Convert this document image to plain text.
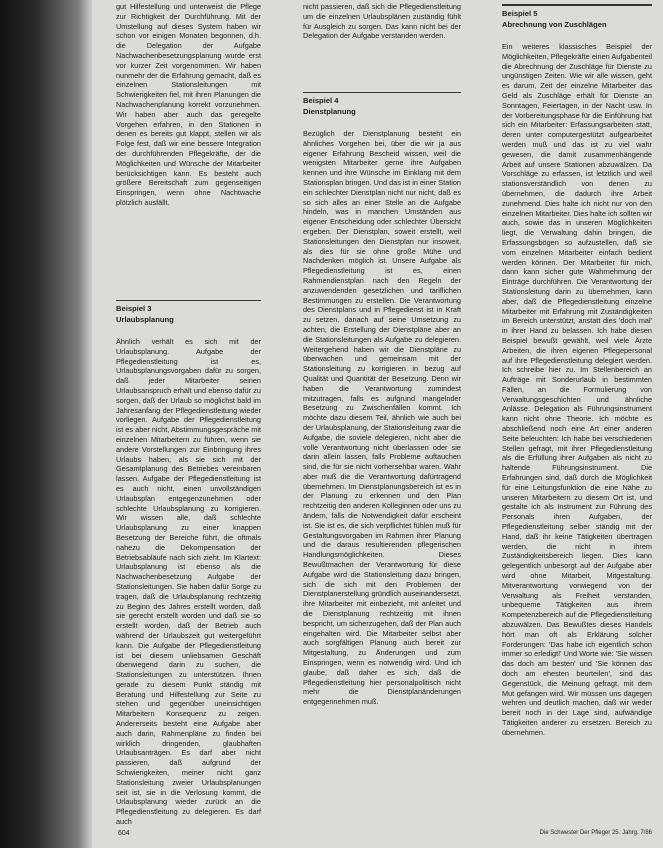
gut Hilfestellung und unterweist die Pflege zur Richtigkeit der Durchführung. Mit der Umstellung auf dieses System haben wir schon vor einigen Monaten begonnen, d.h. die Delegation der Aufgabe Nachwachenbesetzungsplanung wurde erst vor kurzer Zeit vorgenommen. Wir haben nunmehr der die Erfahrung gemacht, daß es einzelnen Stationsleitungen mit Schwierigkeiten fiel, mit ihren Planungen die Nachwachenplanung korrekt vorzunehmen. Wir haben aber auch das geregelte Vorgehen erfahren, in den Stationen in denen es bereits gut klappt, stellen wir als Folge fest, daß wir eine bessere Integration der durchführenden Pflegekräfte, der die Möglichkeiten und Wünsche der Mitarbeiter berücksichtigen kann. Es besteht auch größere Bereitschaft zum gegenseitigen Einspringen, wenn ohne Nachtwache plötzlich ausfällt.

Beispiel 3

Urlaubsplanung

Ähnlich verhält es sich mit der Urlaubsplanung. Aufgabe der Pflegedienstleitung ist es, Urlaubsplanungsvorgaben dafür zu sorgen, daß jeder Mitarbeiter seinen Urlaubsanspruch erhält und ebenso dafür zu sorgen, daß der Urlaub so möglichst bald im Jahresanfang der Pflegedienstleitung wieder vorliegen. Aufgabe der Pflegedienstleitung ist es aber nicht, Abstimmungsgespräche mit einzelnen Mitarbeitern zu führen, wenn sie andere Vorstellungen zur Einbringung ihres Urlaubs haben, als sie sich mit der Gesamtplanung des Betriebes vereinbaren lassen. Aufgabe der Pflegedienstleitung ist es auch nicht, einen unvollständigen Urlaubsplan entgegenzunehmen oder schlechte Urlaubsplanung zu korrigieren. Wir wissen alle, daß schlechte Urlaubsplanung zu einer knappen Besetzung der Bereiche führt, die oftmals nahezu die Dekompensation der Betriebsabläufe nach sich zieht. Im Klartext: Urlaubsplanung ist ebenso als die Nachwachenbesetzung Aufgabe der Stationsleitungen. Sie haben dafür Sorge zu tragen, daß die Urlaubsplanung rechtzeitig zu Beginn des Jahres erstellt worden, daß sie gerecht erstellt worden und daß sie so erstellt worden, daß der Betrieb auch während der Urlaubszeit gut weitergeführt kann. Die Aufgabe der Pflegedienstleitung ist bei diesem unliebsamen Geschäft überwiegend darin zu suchen, die Stationsleitungen zu unterstützen. Ihnen gerade zu diesem Punkt ständig mit Beratung und Hilfestellung zur Seite zu stehen und gegenüber uneinsichtigen Mitarbeitern Konsequenz zu zeigen. Andererseits besteht eine Aufgabe aber auch darin, Rahmenpläne zu finden bei wirklich dringenden, glaubhaften Urlaubsanträgen. Es darf aber nicht passieren, daß aufgrund der Schwierigkeiten, meiner nicht ganz Stationsleitung zweier Urlaubsplanungen seit ist, sie in die Verlosung kommt, die Urlaubsplanung wieder zurück an die Pflegedienstleitung zu delegieren. Es darf auch

nicht passieren, daß sich die Pflegedienstleitung um die einzelnen Urlaubsplänen zuständig fühlt für Ausgleich zu sorgen. Das kann nicht bei der Delegation der Aufgabe verstanden werden.

Beispiel 4

Dienstplanung

Bezüglich der Dienstplanung besteht ein ähnliches Vorgehen bei, über die wir ja aus eigener Erfahrung Bescheid wissen, weil die wenigsten Mitarbeiter gerne ihre Aufgaben kennen und ihre Wünsche im Einklang mit dem Stationsplan bringen. Und das ist in einer Station ein schlechter Dienstplan nicht nur nicht, daß es so sich alles an einer Stelle an die Aufgabe hindeln, was in manchen Umständen aus eigener Entscheidung oder schlechter Übersicht ergeben. Der Dienstplan, soweit erstellt, weil Stationsleitungen den Dienstplan nur insoweit, als dies für sie ohne große Mühe und Nachdenken möglich ist. Unsere Aufgabe als Pflegedienstleitung ist es, einen Rahmendienstplan nach den Regeln der anzuwendenden gesetzlichen und tariflichen Bestimmungen zu erstellen. Die Verantwortung des Dienstplans und in Pflegedienst ist in Kraft zu setzen, danach auf seine Umsetzung zu achten, die Erstellung der Dienstpläne aber an die Stationsleitungen als Aufgabe zu delegieren. Weitergehend haben wir die Dienstpläne zu überwachen und gemeinsam mit der Stationsleitung zu korrigieren in bezug auf Qualität und Quantität der Besetzung. Denn wir haben die Verantwortung zumindest mitzutragen, falls es aufgrund mangelnder Besetzung zu Zwischenfällen kommt. Ich möchte dazu diesem Teil, ähnlich wie auch bei der Urlaubsplanung, der Stationsleitung zwar die Aufgabe, die soviele delegieren, nicht aber die volle Verantwortung nicht überlassen oder sie darin allein lassen, falls Probleme auftauchen sind, die für sie nicht vorhersehbar waren. Wahr aber muß die die Verantwortung dafürtragend übernehmen. Im Dienstplanungsbereich ist es in der Planung zu erkennen und den Plan rechtzeitig den anderen Kolleginnen oder uns zu ändern, falls die Notwendigkeit dafür erscheint ist. Sie ist es, die sich verpflichtet fühlen muß für Gestaltungsvorgaben im Rahmen ihrer Planung und die daraus resultierenden pflegerischen Handlungsmöglichkeiten. Dieses Bewußtmachen der Verantwortung für diese Aufgabe wird die Stationsleitung dazu bringen, sich die sich mit den Problemen der Dienstplanerstellung gründlich auseinandersetzt, ihre Mitarbeiter mit einbezieht, mit anleitet und die Dienstplanung rechtzeitig mit ihnen bespricht, um sicherzugehen, daß der Plan auch eingehalten wird. Die Mitarbeiter selbst aber auch sorgfältigen Planung auch bereit zur Mitgestaltung, zu Änderungen und zum Einspringen, wenn es notwendig wird. Und ich glaube, daß daher es sich, daß die Pflegedienstleitung hier personalpolitisch nicht mehr die Dienstplanänderungen entgegennehmen muß.

Beispiel 5

Abrechnung von Zuschlägen

Ein weiteres klassisches Beispiel der Möglichkeiten, Pflegekräfte einen Aufgabenteil die Abrechnung der Zuschläge für Dienste zu ungünstigen Zeiten. Wie wir alle wissen, geht es darum, Zeit der einzelne Mitarbeiter das Geld als Zuschläge erhält für Dienste an Sonntagen, Feiertagen, in der Nacht usw. In der Vorbereitungsphase für die Einführung hat sich ein Mitarbeiter: Erfassungsarbeiten statt, deren unter computergestützt aufgearbeitet werden muß und das ist zu viel wahr gewesen, die damit zusammenhängende Arbeit auf unsere Stationen abzuwälzen. Da Vorschläge zu erfassen, ist letztlich und weil stationsverständlich von denen zu übernehmen, die dadurch ihre Arbeit zunehmend. Dies halte ich nicht nur von den einzelnen Mitarbeiter. Dies halte ich sollten wir auch, sowie das in unseren Möglichkeiten liegt, die Verwaltung dahin bringen, die Erfassungsbögen so aufzustellen, daß sie vom einzelnen Mitarbeiter einfach bedient werden können. Der Mitarbeiter für mich, dann kann sicher gute Wahrnehmung der Einträge durchführen. Die Verantwortung der Stationsleitung darin zu übernehmen, kann aber, daß die Pflegedienstleitung einzelne Mitarbeiter mit Erfahrung mit Zuständigkeiten im Bereich unterstützt, anstatt dies 'doch mal' in ihrer Hand zu belassen. Ich habe diesen Beispiel bewußt gewählt, weil viele Ärzte Arbeiten, die ihren eigenen Pflegepersonal auf ihre Pflegedienstleitung delegiert werden. Ich schreibe hier zu. Im Stellenbereich an Aufträge mit Sonderurlaub in bestimmten Fällen, an die Formulierung von Verwaltungsgeschichten und ähnliche Anlässe. Delegation als Führungsinstrument kann nicht ohne Theorie. Ich möchte es abschließend noch eine Art einer anderen Seite beleuchten: Ich habe bei verschiedenen Stellen gefragt, mit ihrer Pflegedienstleitung als die Erfüllung ihrer Aufgaben als nicht zu haltende Führungsinstrument. Die Erfahrungen sind, daß durch die Möglichkeit für eine Leitungsfunktion die eine Nähe zu unseren Mitarbeitern zu diesem Ort ist, und gestalte ich als Instrument zur Führung des Personals ihren Aufgaben, der Pflegedienstleitung selber ständig mit der Hand, daß ihr keine Tätigkeiten übertragen werden, die nicht in ihrem Zuständigkeitsbereich liegen. Dies kann gelegentlich unbesorgt auf der Aufgabe aber wird ohne Mitarbeit, Mitgestaltung. Mitverantwortung vorwiegend von der Verwaltung als Freiheit verstanden, unbequeme Tätigkeiten aus ihrem Kompetenzbereich auf die Pflegedienstleitung abzuwälzen. Das Bewußtes dieses Handels hört man oft als Erklärung solcher Forderungen: 'Das habe ich eigentlich schon immer so erledigt!' Und Worte wie: 'Sie wissen das doch am besten' und 'Sie können das doch am ehesten beurteilen', sind das Gegenstück, die Meinung gefragt, mit dem Mut gefangen wird. Wir müssen uns dagegen wehren und deutlich machen, daß wir weder bereit noch in der Lage sind, aufwändige Tätigkeiten anderer zu ersetzen. Bereich zu übernehmen.

604	Die Schwester Der Pfleger 25. Jahrg. 7/86
